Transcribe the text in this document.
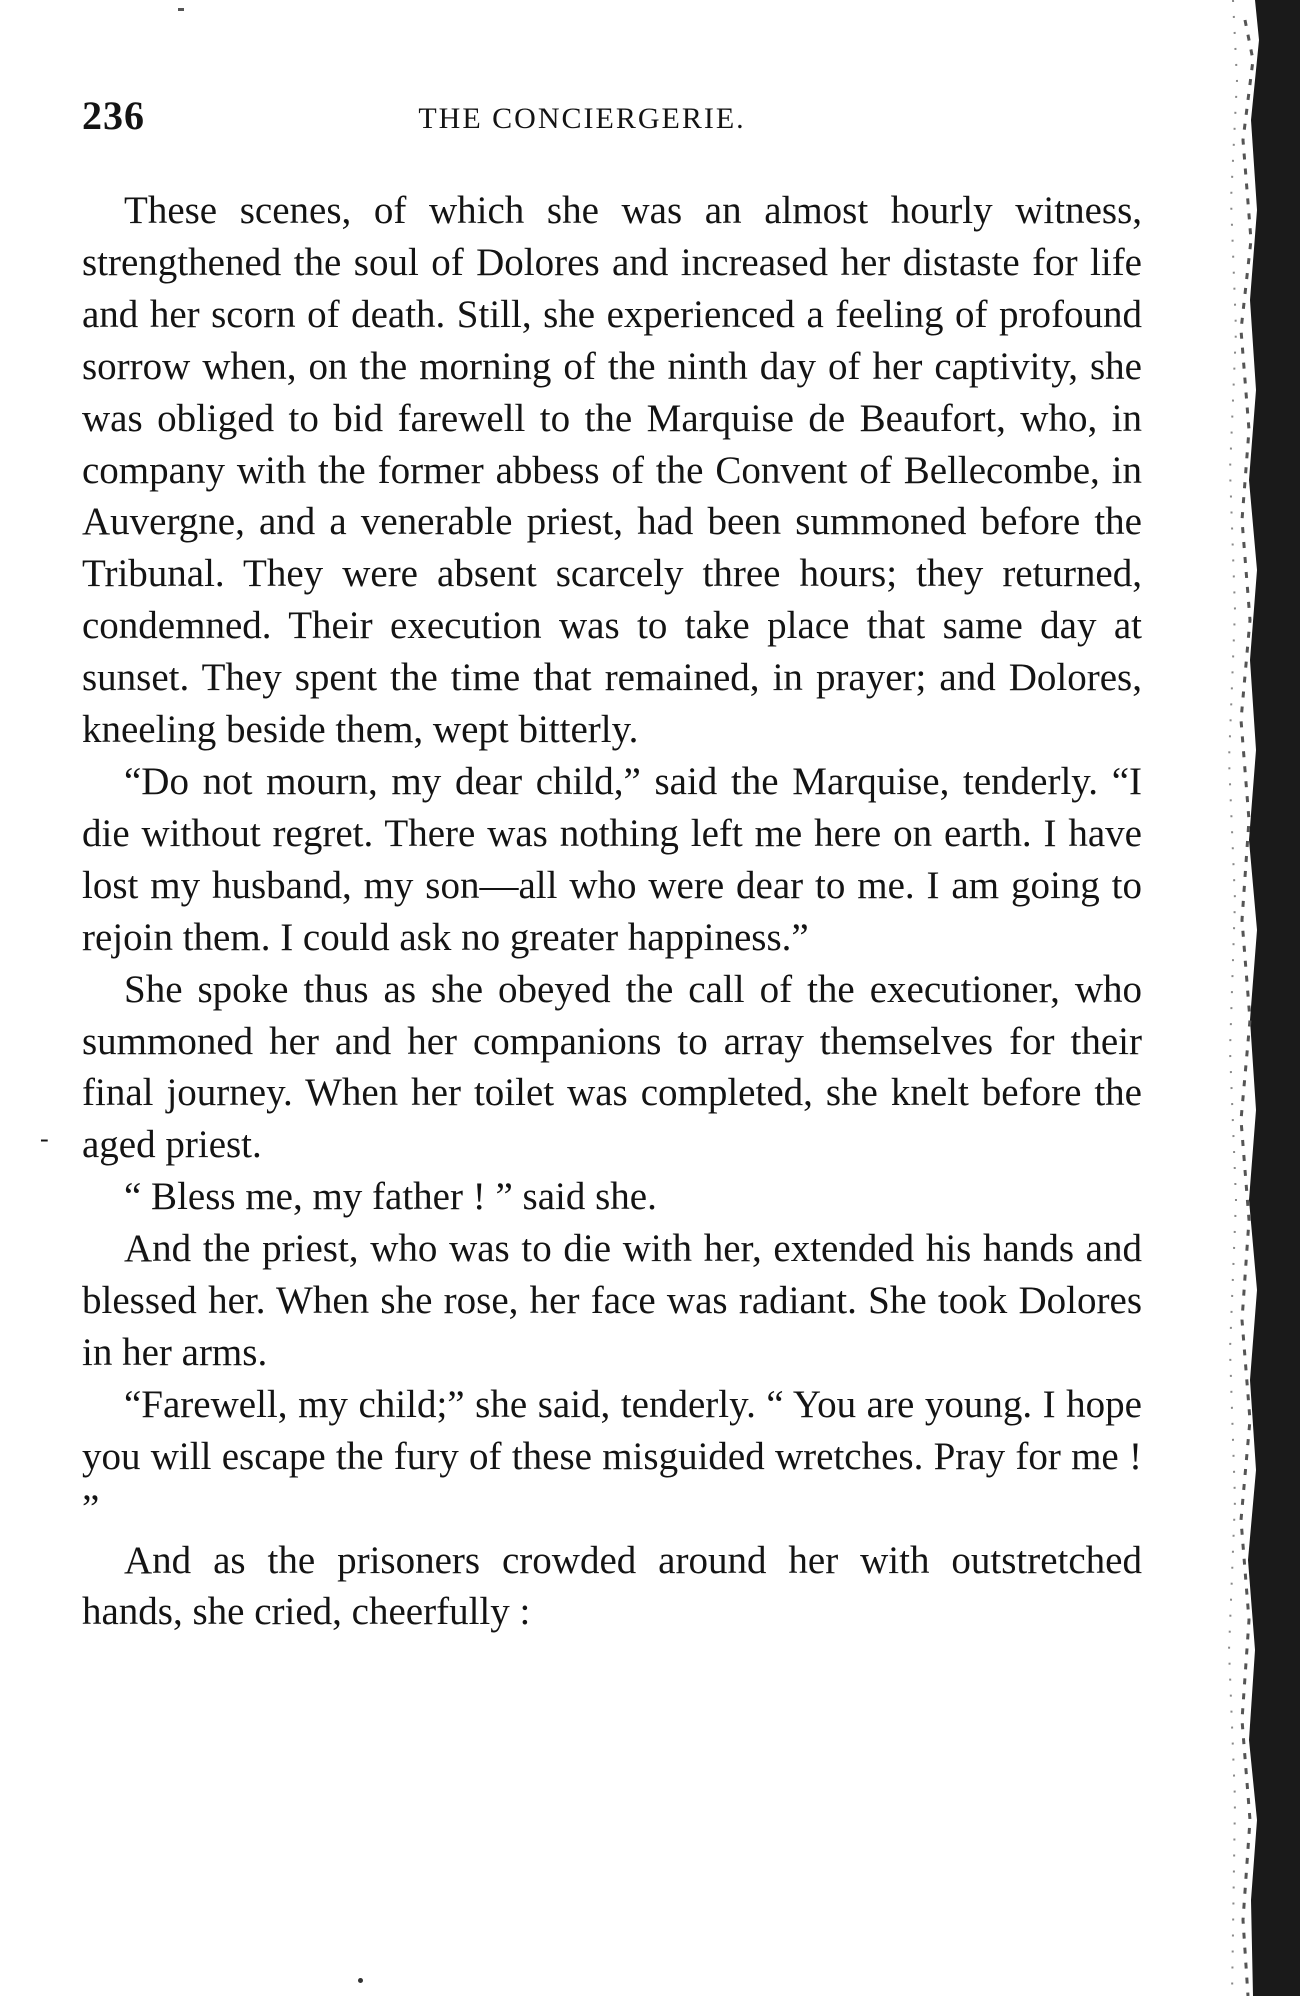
236	THE CONCIERGERIE.

These scenes, of which she was an almost hourly witness, strengthened the soul of Dolores and increased her distaste for life and her scorn of death. Still, she experienced a feeling of profound sorrow when, on the morning of the ninth day of her captivity, she was obliged to bid farewell to the Marquise de Beaufort, who, in company with the former abbess of the Convent of Bellecombe, in Auvergne, and a venerable priest, had been summoned before the Tribunal. They were absent scarcely three hours; they returned, condemned. Their execution was to take place that same day at sunset. They spent the time that remained, in prayer; and Dolores, kneeling beside them, wept bitterly.

“Do not mourn, my dear child,” said the Marquise, tenderly. “I die without regret. There was nothing left me here on earth. I have lost my husband, my son—all who were dear to me. I am going to rejoin them. I could ask no greater happiness.”

She spoke thus as she obeyed the call of the executioner, who summoned her and her companions to array themselves for their final journey. When her toilet was completed, she knelt before the aged priest.

“ Bless me, my father ! ” said she.

And the priest, who was to die with her, extended his hands and blessed her. When she rose, her face was radiant. She took Dolores in her arms.

“Farewell, my child;” she said, tenderly. “ You are young. I hope you will escape the fury of these misguided wretches. Pray for me ! ”

And as the prisoners crowded around her with outstretched hands, she cried, cheerfully :

-
